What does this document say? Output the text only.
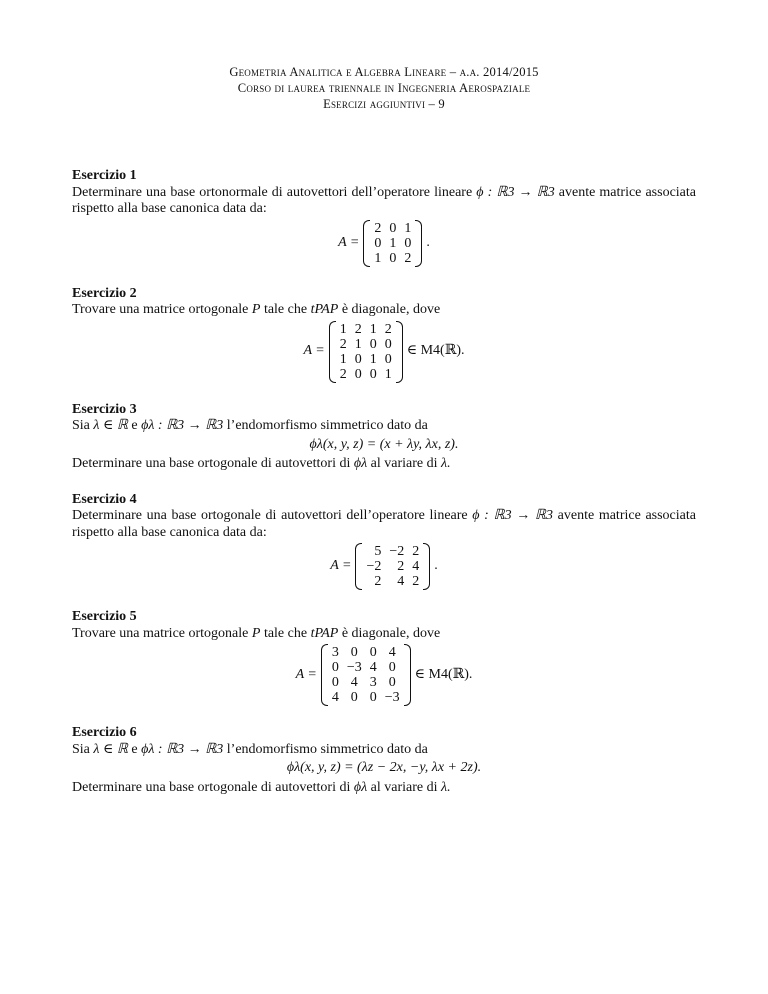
Geometria Analitica e Algebra Lineare – a.a. 2014/2015
Corso di laurea triennale in Ingegneria Aerospaziale
Esercizi aggiuntivi – 9
Esercizio 1

Determinare una base ortonormale di autovettori dell’operatore lineare ϕ : ℝ3 → ℝ3 avente matrice associata rispetto alla base canonica data da:

A =
2	0	1
0	1	0
1	0	2
.
Esercizio 2

Trovare una matrice ortogonale P tale che tPAP è diagonale, dove

A =
1	2	1	2
2	1	0	0
1	0	1	0
2	0	0	1
∈ M4(ℝ).
Esercizio 3

Sia λ ∈ ℝ e ϕλ : ℝ3 → ℝ3 l’endomorfismo simmetrico dato da

ϕλ(x, y, z) = (x + λy, λx, z).

Determinare una base ortogonale di autovettori di ϕλ al variare di λ.

Esercizio 4

Determinare una base ortogonale di autovettori dell’operatore lineare ϕ : ℝ3 → ℝ3 avente matrice associata rispetto alla base canonica data da:

A =
5	−2	2
−2	2	4
2	4	2
.
Esercizio 5

Trovare una matrice ortogonale P tale che tPAP è diagonale, dove

A =
3	0	0	4
0	−3	4	0
0	4	3	0
4	0	0	−3
∈ M4(ℝ).
Esercizio 6

Sia λ ∈ ℝ e ϕλ : ℝ3 → ℝ3 l’endomorfismo simmetrico dato da

ϕλ(x, y, z) = (λz − 2x, −y, λx + 2z).

Determinare una base ortogonale di autovettori di ϕλ al variare di λ.
